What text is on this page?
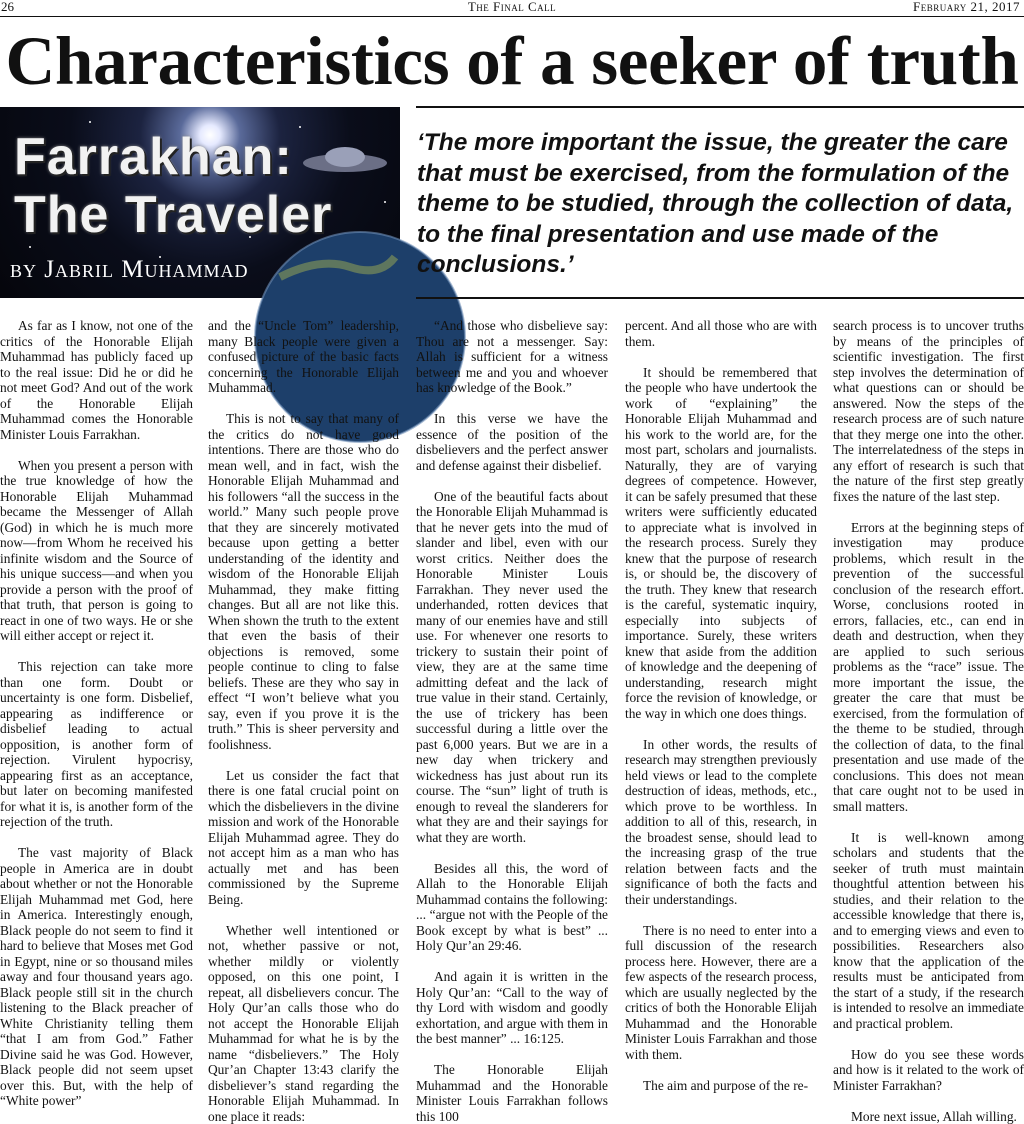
26	The Final Call	February 21, 2017
Characteristics of a seeker of truth
Farrakhan:
The Traveler
by Jabril Muhammad
‘The more important the issue, the greater the care that must be exercised, from the formulation of the theme to be studied, through the collection of data, to the final presentation and use made of the conclusions.’

As far as I know, not one of the critics of the Honorable Elijah Muhammad has publicly faced up to the real issue: Did he or did he not meet God? And out of the work of the Honorable Elijah Muhammad comes the Honorable Minister Louis Farrakhan.

When you present a person with the true knowledge of how the Honorable Elijah Muhammad became the Messenger of Allah (God) in which he is much more now—from Whom he received his infinite wisdom and the Source of his unique success—and when you provide a person with the proof of that truth, that person is going to react in one of two ways. He or she will either accept or reject it.

This rejection can take more than one form. Doubt or uncertainty is one form. Disbelief, appearing as indifference or disbelief leading to actual opposition, is another form of rejection. Virulent hypocrisy, appearing first as an acceptance, but later on becoming manifested for what it is, is another form of the rejection of the truth.

The vast majority of Black people in America are in doubt about whether or not the Honorable Elijah Muhammad met God, here in America. Interestingly enough, Black people do not seem to find it hard to believe that Moses met God in Egypt, nine or so thousand miles away and four thousand years ago. Black people still sit in the church listening to the Black preacher of White Christianity telling them “that I am from God.” Father Divine said he was God. However, Black people did not seem upset over this. But, with the help of “White power”

and the “Uncle Tom” leadership, many Black people were given a confused picture of the basic facts concerning the Honorable Elijah Muhammad.

This is not to say that many of the critics do not have good intentions. There are those who do mean well, and in fact, wish the Honorable Elijah Muhammad and his followers “all the success in the world.” Many such people prove that they are sincerely motivated because upon getting a better understanding of the identity and wisdom of the Honorable Elijah Muhammad, they make fitting changes. But all are not like this. When shown the truth to the extent that even the basis of their objections is removed, some people continue to cling to false beliefs. These are they who say in effect “I won’t believe what you say, even if you prove it is the truth.” This is sheer perversity and foolishness.

Let us consider the fact that there is one fatal crucial point on which the disbelievers in the divine mission and work of the Honorable Elijah Muhammad agree. They do not accept him as a man who has actually met and has been commissioned by the Supreme Being.

Whether well intentioned or not, whether passive or not, whether mildly or violently opposed, on this one point, I repeat, all disbelievers concur. The Holy Qur’an calls those who do not accept the Honorable Elijah Muhammad for what he is by the name “disbelievers.” The Holy Qur’an Chapter 13:43 clarify the disbeliever’s stand regarding the Honorable Elijah Muhammad. In one place it reads:

“And those who disbelieve say: Thou are not a messenger. Say: Allah is sufficient for a witness between me and you and whoever has knowledge of the Book.”

In this verse we have the essence of the position of the disbelievers and the perfect answer and defense against their disbelief.

One of the beautiful facts about the Honorable Elijah Muhammad is that he never gets into the mud of slander and libel, even with our worst critics. Neither does the Honorable Minister Louis Farrakhan. They never used the underhanded, rotten devices that many of our enemies have and still use. For whenever one resorts to trickery to sustain their point of view, they are at the same time admitting defeat and the lack of true value in their stand. Certainly, the use of trickery has been successful during a little over the past 6,000 years. But we are in a new day when trickery and wickedness has just about run its course. The “sun” light of truth is enough to reveal the slanderers for what they are and their sayings for what they are worth.

Besides all this, the word of Allah to the Honorable Elijah Muhammad contains the following: ... “argue not with the People of the Book except by what is best” ... Holy Qur’an 29:46.

And again it is written in the Holy Qur’an: “Call to the way of thy Lord with wisdom and goodly exhortation, and argue with them in the best manner” ... 16:125.

The Honorable Elijah Muhammad and the Honorable Minister Louis Farrakhan follows this 100

percent. And all those who are with them.

It should be remembered that the people who have undertook the work of “explaining” the Honorable Elijah Muhammad and his work to the world are, for the most part, scholars and journalists. Naturally, they are of varying degrees of competence. However, it can be safely presumed that these writers were sufficiently educated to appreciate what is involved in the research process. Surely they knew that the purpose of research is, or should be, the discovery of the truth. They knew that research is the careful, systematic inquiry, especially into subjects of importance. Surely, these writers knew that aside from the addition of knowledge and the deepening of understanding, research might force the revision of knowledge, or the way in which one does things.

In other words, the results of research may strengthen previously held views or lead to the complete destruction of ideas, methods, etc., which prove to be worthless. In addition to all of this, research, in the broadest sense, should lead to the increasing grasp of the true relation between facts and the significance of both the facts and their understandings.

There is no need to enter into a full discussion of the research process here. However, there are a few aspects of the research process, which are usually neglected by the critics of both the Honorable Elijah Muhammad and the Honorable Minister Louis Farrakhan and those with them.

The aim and purpose of the re-

search process is to uncover truths by means of the principles of scientific investigation. The first step involves the determination of what questions can or should be answered. Now the steps of the research process are of such nature that they merge one into the other. The interrelatedness of the steps in any effort of research is such that the nature of the first step greatly fixes the nature of the last step.

Errors at the beginning steps of investigation may produce problems, which result in the prevention of the successful conclusion of the research effort. Worse, conclusions rooted in errors, fallacies, etc., can end in death and destruction, when they are applied to such serious problems as the “race” issue. The more important the issue, the greater the care that must be exercised, from the formulation of the theme to be studied, through the collection of data, to the final presentation and use made of the conclusions. This does not mean that care ought not to be used in small matters.

It is well-known among scholars and students that the seeker of truth must maintain thoughtful attention between his studies, and their relation to the accessible knowledge that there is, and to emerging views and even to possibilities. Researchers also know that the application of the results must be anticipated from the start of a study, if the research is intended to resolve an immediate and practical problem.

How do you see these words and how is it related to the work of Minister Farrakhan?

More next issue, Allah willing.
